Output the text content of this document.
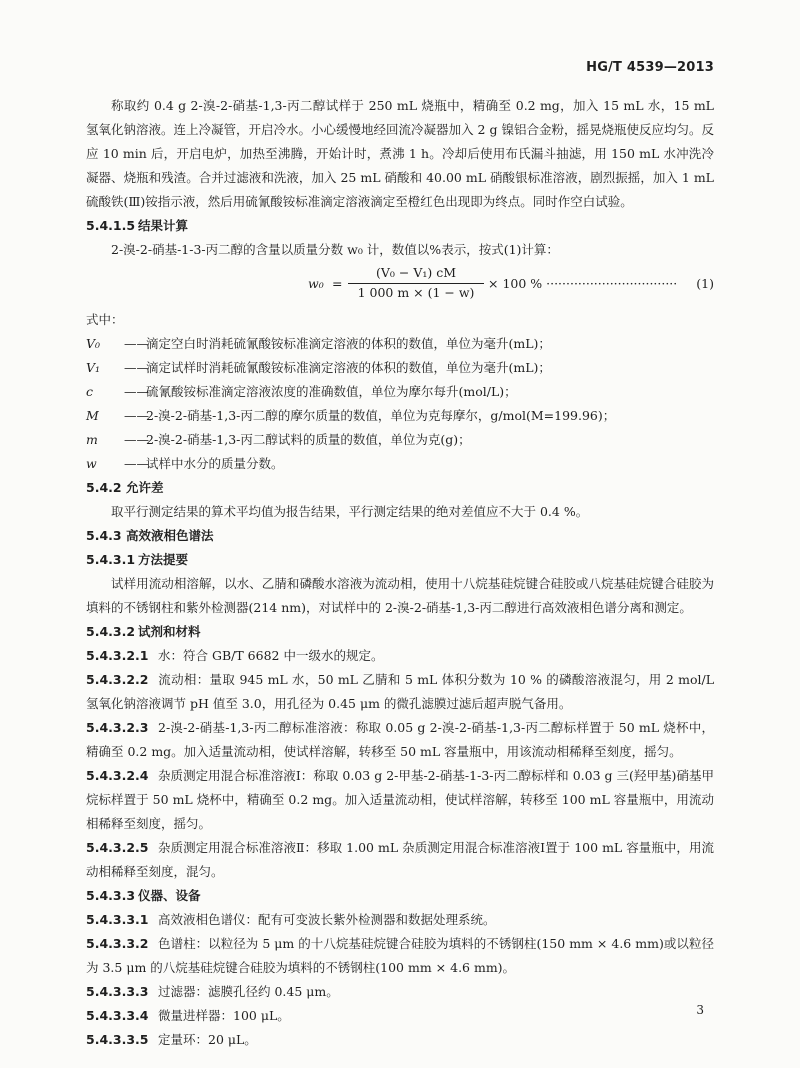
HG/T 4539—2013

称取约 0.4 g 2-溴-2-硝基-1,3-丙二醇试样于 250 mL 烧瓶中，精确至 0.2 mg，加入 15 mL 水，15 mL 氢氧化钠溶液。连上冷凝管，开启冷水。小心缓慢地经回流冷凝器加入 2 g 镍铝合金粉，摇晃烧瓶使反应均匀。反应 10 min 后，开启电炉，加热至沸腾，开始计时，煮沸 1 h。冷却后使用布氏漏斗抽滤，用 150 mL 水冲洗冷凝器、烧瓶和残渣。合并过滤液和洗液，加入 25 mL 硝酸和 40.00 mL 硝酸银标准溶液，剧烈振摇，加入 1 mL 硫酸铁(Ⅲ)铵指示液，然后用硫氰酸铵标准滴定溶液滴定至橙红色出现即为终点。同时作空白试验。

5.4.1.5 结果计算

2-溴-2-硝基-1-3-丙二醇的含量以质量分数 w₀ 计，数值以%表示，按式(1)计算：

$w_0 = \frac{\text{(V₀ − V₁) cM}}{1 000 m \times (1 - w)} \times 100$ % ································· (1)

式中：

V₀	——
滴定空白时消耗硫氰酸铵标准滴定溶液的体积的数值，单位为毫升(mL)；
V₁	——
滴定试样时消耗硫氰酸铵标准滴定溶液的体积的数值，单位为毫升(mL)；
c	——
硫氰酸铵标准滴定溶液浓度的准确数值，单位为摩尔每升(mol/L)；
M	——
2-溴-2-硝基-1,3-丙二醇的摩尔质量的数值，单位为克每摩尔，g/mol(M=199.96)；
m	——
2-溴-2-硝基-1,3-丙二醇试料的质量的数值，单位为克(g)；
w	——
试样中水分的质量分数。

5.4.2 允许差

取平行测定结果的算术平均值为报告结果，平行测定结果的绝对差值应不大于 0.4 %。

5.4.3 高效液相色谱法

5.4.3.1 方法提要

试样用流动相溶解，以水、乙腈和磷酸水溶液为流动相，使用十八烷基硅烷键合硅胶或八烷基硅烷键合硅胶为填料的不锈钢柱和紫外检测器(214 nm)，对试样中的 2-溴-2-硝基-1,3-丙二醇进行高效液相色谱分离和测定。

5.4.3.2 试剂和材料

5.4.3.2.1 水：符合 GB/T 6682 中一级水的规定。

5.4.3.2.2 流动相：量取 945 mL 水，50 mL 乙腈和 5 mL 体积分数为 10 % 的磷酸溶液混匀，用 2 mol/L 氢氧化钠溶液调节 pH 值至 3.0，用孔径为 0.45 μm 的微孔滤膜过滤后超声脱气备用。

5.4.3.2.3 2-溴-2-硝基-1,3-丙二醇标准溶液：称取 0.05 g 2-溴-2-硝基-1,3-丙二醇标样置于 50 mL 烧杯中，精确至 0.2 mg。加入适量流动相，使试样溶解，转移至 50 mL 容量瓶中，用该流动相稀释至刻度，摇匀。

5.4.3.2.4 杂质测定用混合标准溶液Ⅰ：称取 0.03 g 2-甲基-2-硝基-1-3-丙二醇标样和 0.03 g 三(羟甲基)硝基甲烷标样置于 50 mL 烧杯中，精确至 0.2 mg。加入适量流动相，使试样溶解，转移至 100 mL 容量瓶中，用流动相稀释至刻度，摇匀。

5.4.3.2.5 杂质测定用混合标准溶液Ⅱ：移取 1.00 mL 杂质测定用混合标准溶液Ⅰ置于 100 mL 容量瓶中，用流动相稀释至刻度，混匀。

5.4.3.3 仪器、设备

5.4.3.3.1 高效液相色谱仪：配有可变波长紫外检测器和数据处理系统。

5.4.3.3.2 色谱柱：以粒径为 5 μm 的十八烷基硅烷键合硅胶为填料的不锈钢柱(150 mm × 4.6 mm)或以粒径为 3.5 μm 的八烷基硅烷键合硅胶为填料的不锈钢柱(100 mm × 4.6 mm)。

5.4.3.3.3 过滤器：滤膜孔径约 0.45 μm。

5.4.3.3.4 微量进样器：100 μL。

5.4.3.3.5 定量环：20 μL。

3
